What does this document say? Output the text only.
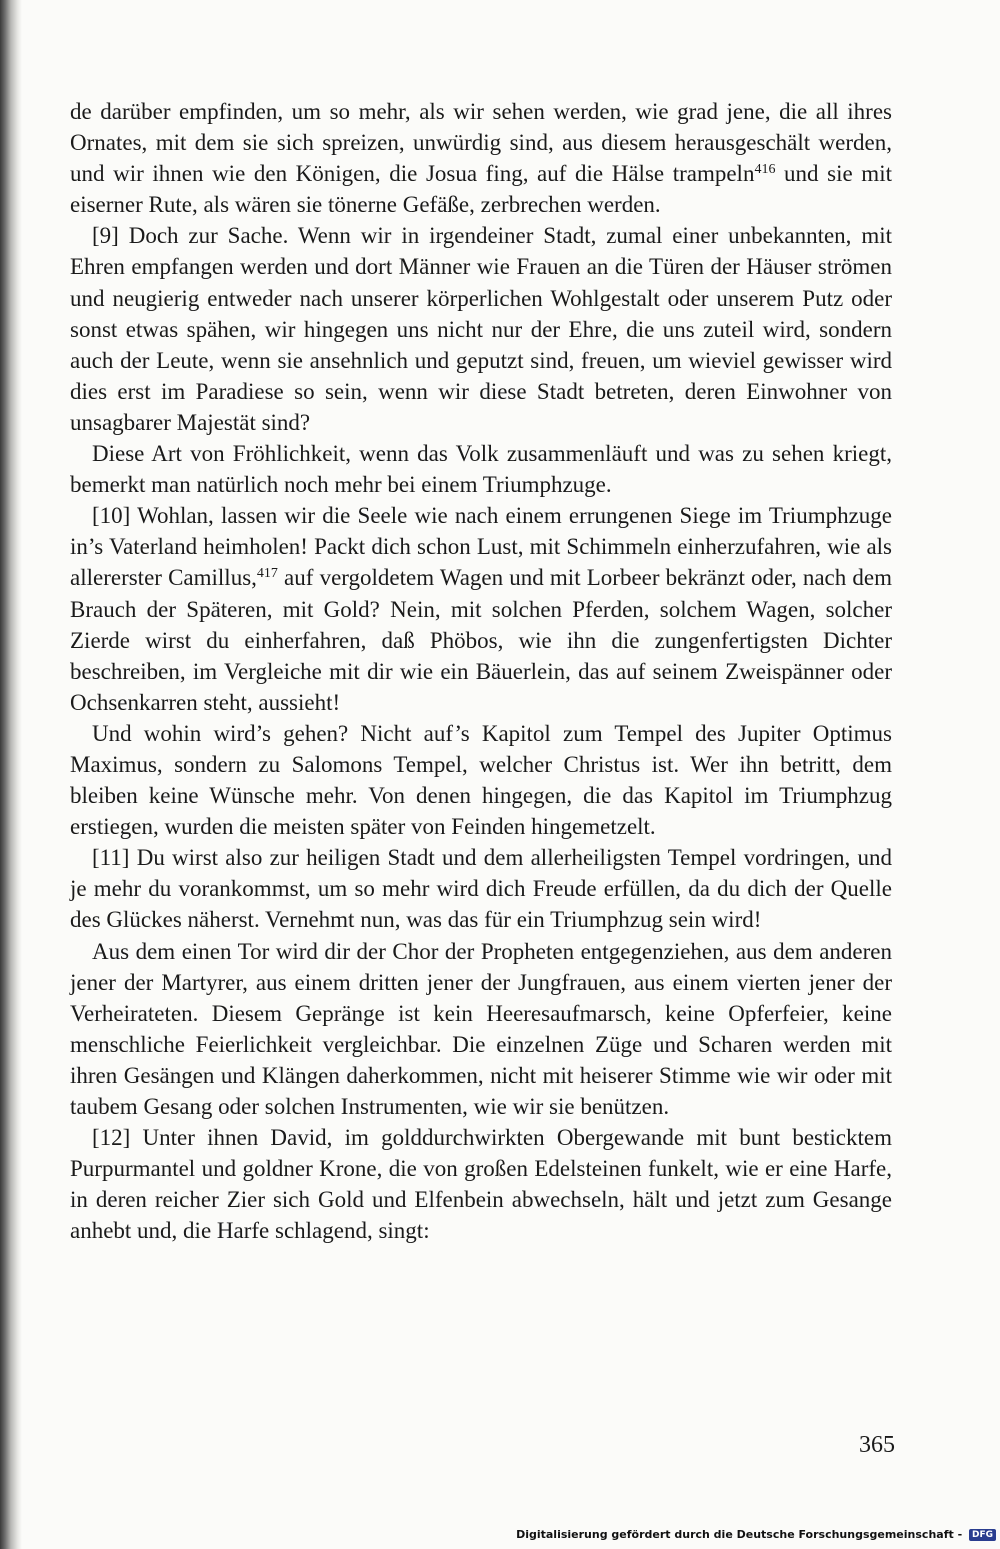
de darüber empfinden, um so mehr, als wir sehen werden, wie grad jene, die all ihres Ornates, mit dem sie sich spreizen, unwürdig sind, aus diesem herausgeschält werden, und wir ihnen wie den Königen, die Josua fing, auf die Hälse trampeln$^{416}$ und sie mit eiserner Rute, als wären sie tönerne Gefäße, zerbrechen werden.

[9] Doch zur Sache. Wenn wir in irgendeiner Stadt, zumal einer unbekannten, mit Ehren empfangen werden und dort Männer wie Frauen an die Türen der Häuser strömen und neugierig entweder nach unserer körperlichen Wohlgestalt oder unserem Putz oder sonst etwas spähen, wir hingegen uns nicht nur der Ehre, die uns zuteil wird, sondern auch der Leute, wenn sie ansehnlich und geputzt sind, freuen, um wieviel gewisser wird dies erst im Paradiese so sein, wenn wir diese Stadt betreten, deren Einwohner von unsagbarer Majestät sind?

Diese Art von Fröhlichkeit, wenn das Volk zusammenläuft und was zu sehen kriegt, bemerkt man natürlich noch mehr bei einem Triumphzuge.

[10] Wohlan, lassen wir die Seele wie nach einem errungenen Siege im Triumphzuge in’s Vaterland heimholen! Packt dich schon Lust, mit Schimmeln einherzufahren, wie als allererster Camillus,$^{417}$ auf vergoldetem Wagen und mit Lorbeer bekränzt oder, nach dem Brauch der Späteren, mit Gold? Nein, mit solchen Pferden, solchem Wagen, solcher Zierde wirst du einherfahren, daß Phöbos, wie ihn die zungenfertigsten Dichter beschreiben, im Vergleiche mit dir wie ein Bäuerlein, das auf seinem Zweispänner oder Ochsenkarren steht, aussieht!

Und wohin wird’s gehen? Nicht auf’s Kapitol zum Tempel des Jupiter Optimus Maximus, sondern zu Salomons Tempel, welcher Christus ist. Wer ihn betritt, dem bleiben keine Wünsche mehr. Von denen hingegen, die das Kapitol im Triumphzug erstiegen, wurden die meisten später von Feinden hingemetzelt.

[11] Du wirst also zur heiligen Stadt und dem allerheiligsten Tempel vordringen, und je mehr du vorankommst, um so mehr wird dich Freude erfüllen, da du dich der Quelle des Glückes näherst. Vernehmt nun, was das für ein Triumphzug sein wird!

Aus dem einen Tor wird dir der Chor der Propheten entgegenziehen, aus dem anderen jener der Martyrer, aus einem dritten jener der Jungfrauen, aus einem vierten jener der Verheirateten. Diesem Gepränge ist kein Heeresaufmarsch, keine Opferfeier, keine menschliche Feierlichkeit vergleichbar. Die einzelnen Züge und Scharen werden mit ihren Gesängen und Klängen daherkommen, nicht mit heiserer Stimme wie wir oder mit taubem Gesang oder solchen Instrumenten, wie wir sie benützen.

[12] Unter ihnen David, im golddurchwirkten Obergewande mit bunt besticktem Purpurmantel und goldner Krone, die von großen Edelsteinen funkelt, wie er eine Harfe, in deren reicher Zier sich Gold und Elfenbein abwechseln, hält und jetzt zum Gesange anhebt und, die Harfe schlagend, singt:

365
Digitalisierung gefördert durch die Deutsche Forschungsgemeinschaft - DFG
